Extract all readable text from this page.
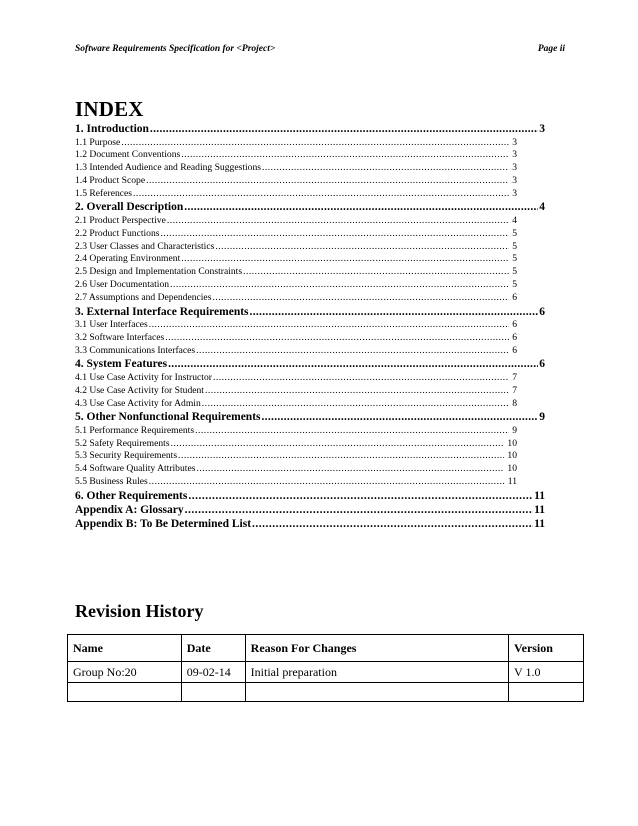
Software Requirements Specification for <Project>	Page ii
INDEX
1. Introduction .....	3
1.1 Purpose .....	3
1.2 Document Conventions .....	3
1.3 Intended Audience and Reading Suggestions .....	3
1.4 Product Scope .....	3
1.5 References .....	3
2. Overall Description .....	4
2.1 Product Perspective .....	4
2.2 Product Functions .....	5
2.3 User Classes and Characteristics .....	5
2.4 Operating Environment .....	5
2.5 Design and Implementation Constraints .....	5
2.6 User Documentation .....	5
2.7 Assumptions and Dependencies .....	6
3. External Interface Requirements .....	6
3.1 User Interfaces .....	6
3.2 Software Interfaces .....	6
3.3 Communications Interfaces .....	6
4. System Features .....	6
4.1 Use Case Activity for Instructor .....	7
4.2 Use Case Activity for Student .....	7
4.3 Use Case Activity for Admin .....	8
5. Other Nonfunctional Requirements .....	9
5.1 Performance Requirements .....	9
5.2 Safety Requirements .....	10
5.3 Security Requirements .....	10
5.4 Software Quality Attributes .....	10
5.5 Business Rules .....	11
6. Other Requirements .....	11
Appendix A: Glossary .....	11
Appendix B: To Be Determined List .....	11
Revision History
Name	Date	Reason For Changes	Version
Group No:20	09-02-14	Initial preparation	V 1.0
